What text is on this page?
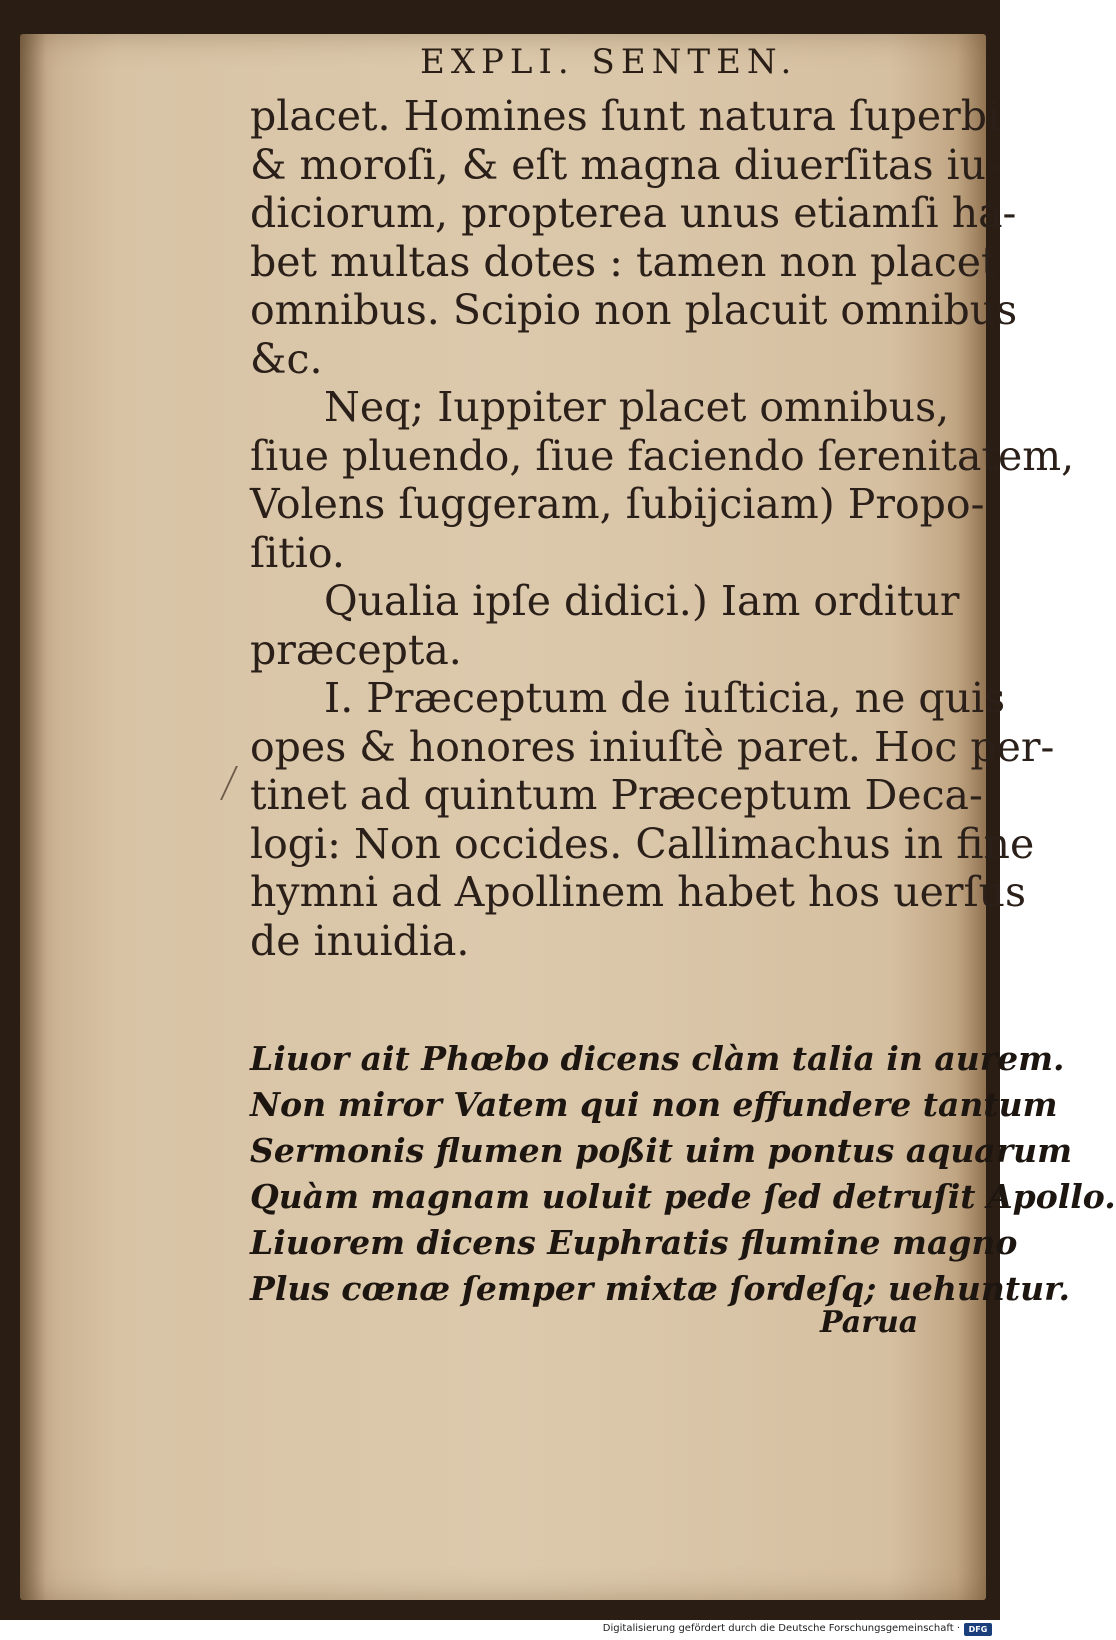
EXPLI. SENTEN.
placet. Homines ſunt natura ſuperbi
& moroſi, & eſt magna diuerſitas iu-
diciorum, propterea unus etiamſi ha-
bet multas dotes : tamen non placet
omnibus. Scipio non placuit omnibus
&c.
Neq; Iuppiter placet omnibus,
ſiue pluendo, ſiue faciendo ſerenitatem,
Volens ſuggeram, ſubijciam) Propo-
ſitio.
Qualia ipſe didici.) Iam orditur
præcepta.
I. Præceptum de iuſticia, ne quis
opes & honores iniuſtè paret. Hoc per-
tinet ad quintum Præceptum Deca-
logi: Non occides. Callimachus in fine
hymni ad Apollinem habet hos uerſus
de inuidia.
Liuor ait Phœbo dicens clàm talia in aurem.
Non miror Vatem qui non effundere tantum
Sermonis flumen poßit uim pontus aquarum
Quàm magnam uoluit pede ſed detruſit Apollo.
Liuorem dicens Euphratis flumine magno
Plus cœnæ ſemper mixtæ ſordeſq; uehuntur.
Parua
Digitalisierung gefördert durch die Deutsche Forschungsgemeinschaft ·	DFG
